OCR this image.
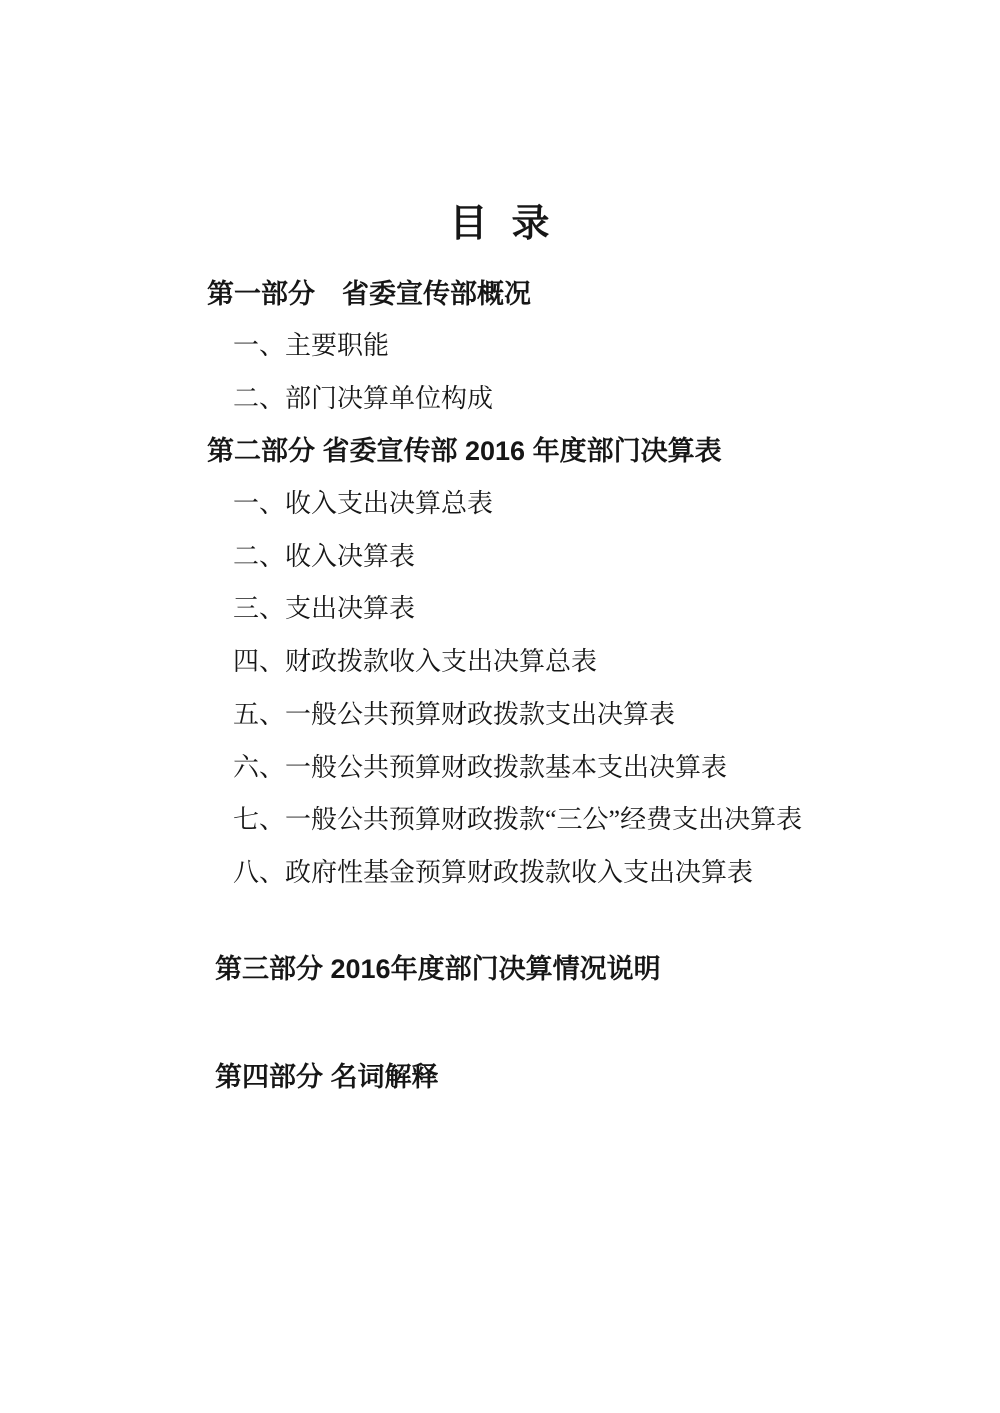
目  录
第一部分　省委宣传部概况
一、主要职能
二、部门决算单位构成
第二部分 省委宣传部 2016 年度部门决算表
一、收入支出决算总表
二、收入决算表
三、支出决算表
四、财政拨款收入支出决算总表
五、一般公共预算财政拨款支出决算表
六、一般公共预算财政拨款基本支出决算表
七、一般公共预算财政拨款“三公”经费支出决算表
八、政府性基金预算财政拨款收入支出决算表
第三部分 2016年度部门决算情况说明
第四部分 名词解释
